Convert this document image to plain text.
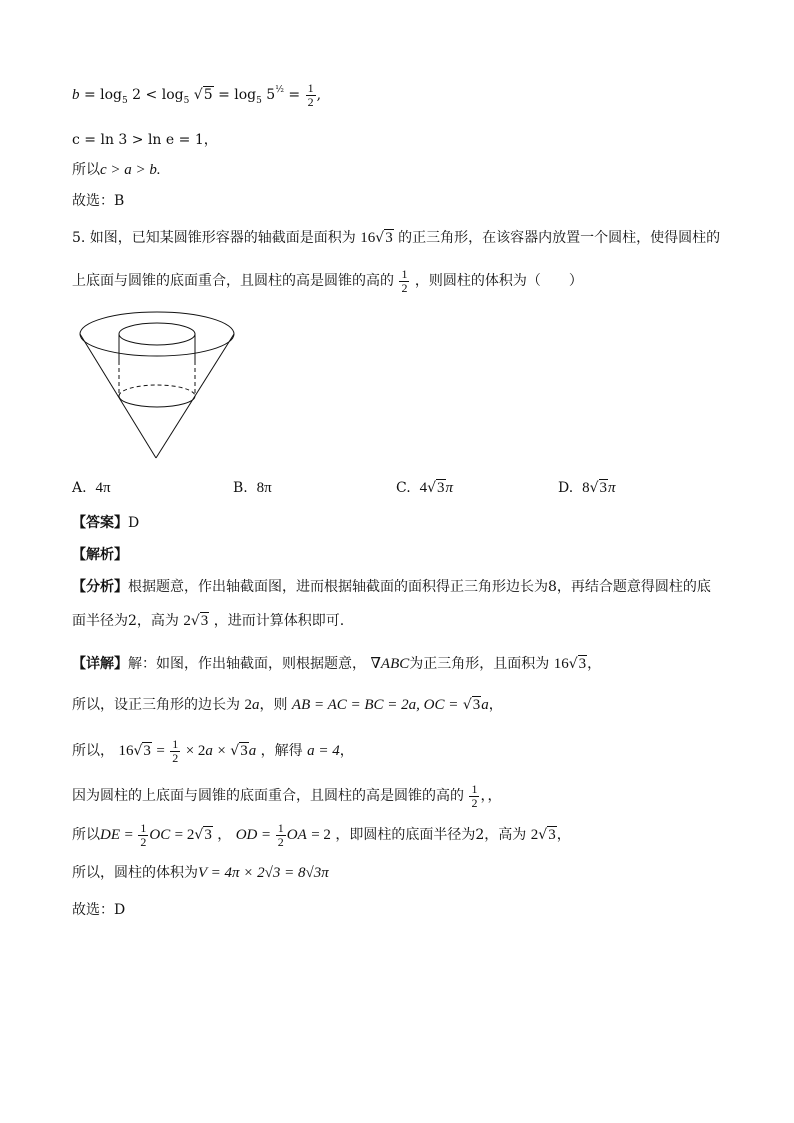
$b = \log_5 2 < \log_5 √5 = \log_5 5^{\frac{1}{2}} = \frac{1}{2}$ ,
c = ln 3 > ln e = 1，
所以c > a > b.
故选：B
5. 如图，已知某圆锥形容器的轴截面是面积为 16√3 的正三角形，在该容器内放置一个圆柱，使得圆柱的
上底面与圆锥的底面重合，且圆柱的高是圆锥的高的 $\frac{1}{2}$ ，则圆柱的体积为（　　）
A. 4π	B. 8π	C. 4√3π	D. 8√3π
【答案】D
【解析】
【分析】根据题意，作出轴截面图，进而根据轴截面的面积得正三角形边长为8，再结合题意得圆柱的底
面半径为2，高为 2√3 ，进而计算体积即可.
【详解】解：如图，作出轴截面，则根据题意， ∇ABC为正三角形，且面积为 16√3，
所以，设正三角形的边长为 2a，则 AB = AC = BC = 2a, OC = √3a，
所以， $16√3 = \frac{1}{2} \times 2a \times √3a$ ，解得 a = 4，
因为圆柱的上底面与圆锥的底面重合，且圆柱的高是圆锥的高的 $\frac{1}{2}$ ，，
所以DE = $\frac{1}{2}$ OC = 2√3 ， OD = $\frac{1}{2}$ OA = 2 ，即圆柱的底面半径为2，高为 2√3，
所以，圆柱的体积为V = 4π × 2√3 = 8√3π
故选：D
